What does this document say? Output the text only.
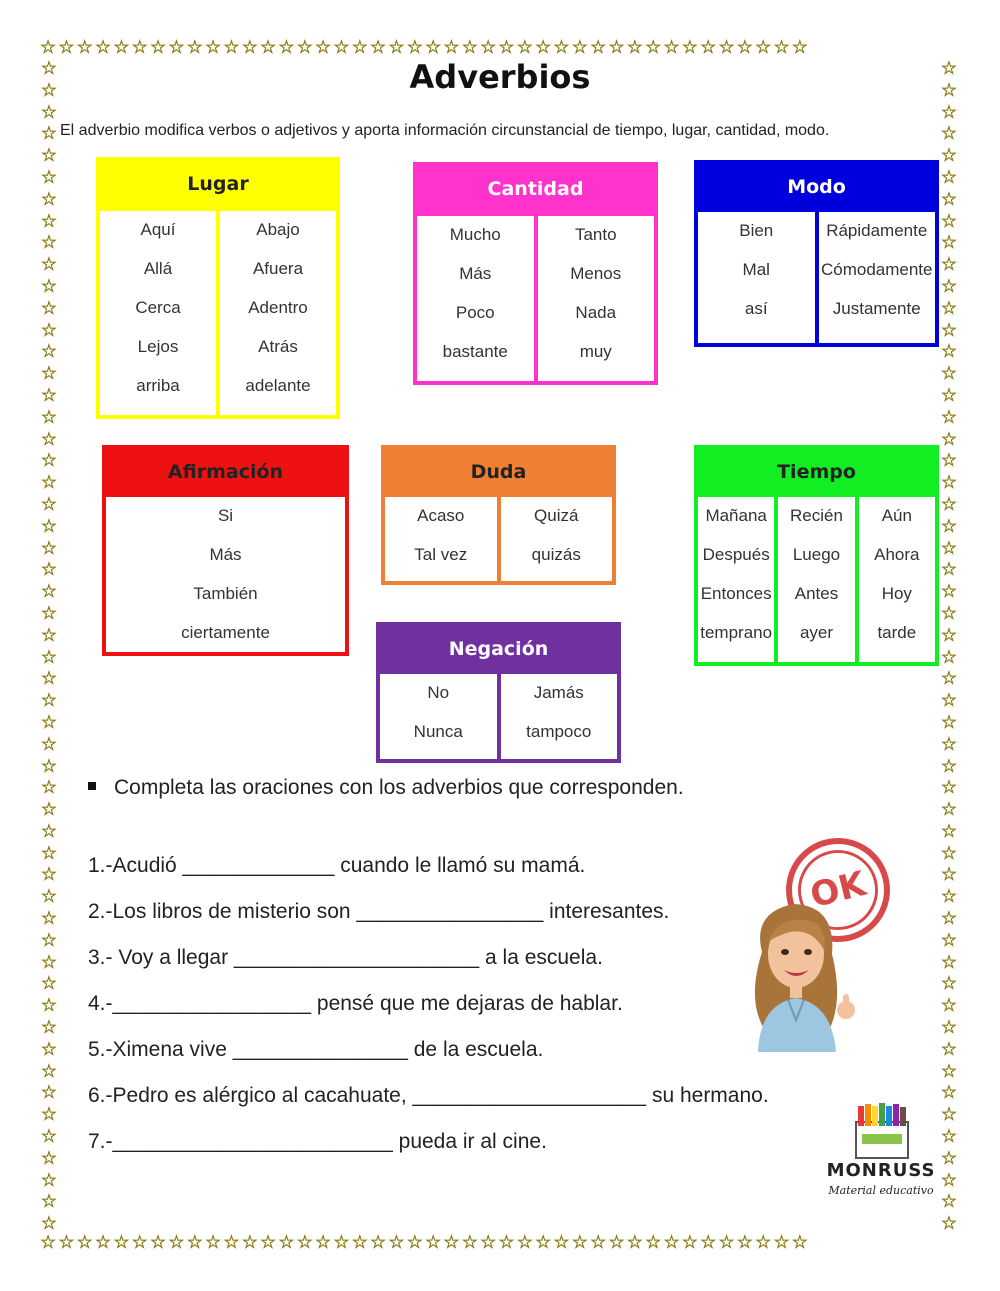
☆☆☆☆☆☆☆☆☆☆☆☆☆☆☆☆☆☆☆☆☆☆☆☆☆☆☆☆☆☆☆☆☆☆☆☆☆☆☆☆☆☆
☆☆☆☆☆☆☆☆☆☆☆☆☆☆☆☆☆☆☆☆☆☆☆☆☆☆☆☆☆☆☆☆☆☆☆☆☆☆☆☆☆☆
☆
☆
☆
☆
☆
☆
☆
☆
☆
☆
☆
☆
☆
☆
☆
☆
☆
☆
☆
☆
☆
☆
☆
☆
☆
☆
☆
☆
☆
☆
☆
☆
☆
☆
☆
☆
☆
☆
☆
☆
☆
☆
☆
☆
☆
☆
☆
☆
☆
☆
☆
☆
☆
☆
☆
☆
☆
☆
☆
☆
☆
☆
☆
☆
☆
☆
☆
☆
☆
☆
☆
☆
☆
☆
☆
☆
☆
☆
☆
☆
☆
☆
☆
☆
☆
☆
☆
☆
☆
☆
☆
☆
☆
☆
☆
☆
☆
☆
☆
☆
☆
☆
☆
☆
☆
☆
☆
☆
Adverbios
El adverbio modifica verbos o adjetivos y aporta información circunstancial de tiempo, lugar, cantidad, modo.
Lugar
Aquí
Allá
Cerca
Lejos
arriba
Abajo
Afuera
Adentro
Atrás
adelante
Cantidad
Mucho
Más
Poco
bastante
Tanto
Menos
Nada
muy
Modo
Bien
Mal
así
Rápidamente
Cómodamente
Justamente
Afirmación
Si
Más
También
ciertamente
Duda
Acaso
Tal vez
Quizá
quizás
Tiempo
Mañana
Después
Entonces
temprano
Recién
Luego
Antes
ayer
Aún
Ahora
Hoy
tarde
Negación
No
Nunca
Jamás
tampoco
Completa las oraciones con los adverbios que corresponden.
1.-Acudió _____________ cuando le llamó su mamá.
2.-Los libros de misterio son ________________ interesantes.
3.- Voy a llegar _____________________ a la escuela.
4.-_________________ pensé que me dejaras de hablar.
5.-Ximena vive _______________ de la escuela.
6.-Pedro es alérgico al cacahuate, ____________________ su hermano.
7.-________________________ pueda ir al cine.
OK
MONRUSS
Material educativo
